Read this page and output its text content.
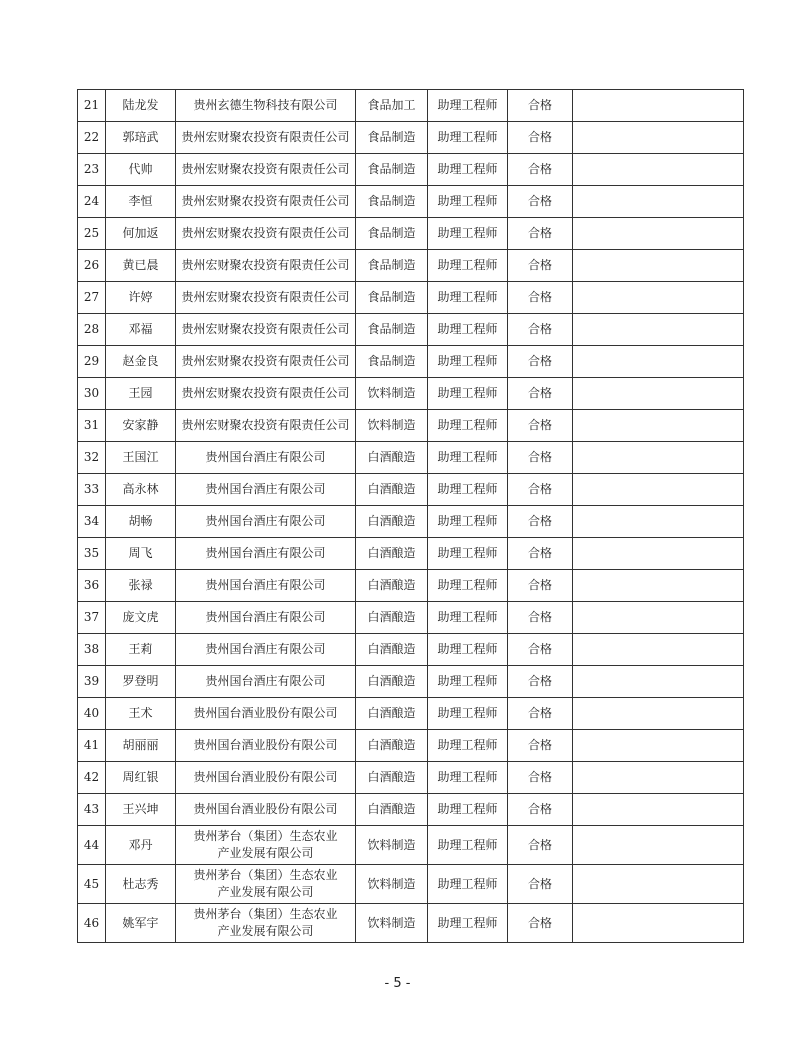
21	陆龙发	贵州玄德生物科技有限公司	食品加工	助理工程师	合格	
22	郭琣武	贵州宏财聚农投资有限责任公司	食品制造	助理工程师	合格	
23	代帅	贵州宏财聚农投资有限责任公司	食品制造	助理工程师	合格	
24	李恒	贵州宏财聚农投资有限责任公司	食品制造	助理工程师	合格	
25	何加返	贵州宏财聚农投资有限责任公司	食品制造	助理工程师	合格	
26	黄已晨	贵州宏财聚农投资有限责任公司	食品制造	助理工程师	合格	
27	许婷	贵州宏财聚农投资有限责任公司	食品制造	助理工程师	合格	
28	邓福	贵州宏财聚农投资有限责任公司	食品制造	助理工程师	合格	
29	赵金良	贵州宏财聚农投资有限责任公司	食品制造	助理工程师	合格	
30	王园	贵州宏财聚农投资有限责任公司	饮料制造	助理工程师	合格	
31	安家静	贵州宏财聚农投资有限责任公司	饮料制造	助理工程师	合格	
32	王国江	贵州国台酒庄有限公司	白酒酿造	助理工程师	合格	
33	高永林	贵州国台酒庄有限公司	白酒酿造	助理工程师	合格	
34	胡畅	贵州国台酒庄有限公司	白酒酿造	助理工程师	合格	
35	周飞	贵州国台酒庄有限公司	白酒酿造	助理工程师	合格	
36	张禄	贵州国台酒庄有限公司	白酒酿造	助理工程师	合格	
37	庞文虎	贵州国台酒庄有限公司	白酒酿造	助理工程师	合格	
38	王莉	贵州国台酒庄有限公司	白酒酿造	助理工程师	合格	
39	罗登明	贵州国台酒庄有限公司	白酒酿造	助理工程师	合格	
40	王术	贵州国台酒业股份有限公司	白酒酿造	助理工程师	合格	
41	胡丽丽	贵州国台酒业股份有限公司	白酒酿造	助理工程师	合格	
42	周红银	贵州国台酒业股份有限公司	白酒酿造	助理工程师	合格	
43	王兴坤	贵州国台酒业股份有限公司	白酒酿造	助理工程师	合格	
44	邓丹	贵州茅台（集团）生态农业
产业发展有限公司	饮料制造	助理工程师	合格	
45	杜志秀	贵州茅台（集团）生态农业
产业发展有限公司	饮料制造	助理工程师	合格	
46	姚军宇	贵州茅台（集团）生态农业
产业发展有限公司	饮料制造	助理工程师	合格	
- 5 -
